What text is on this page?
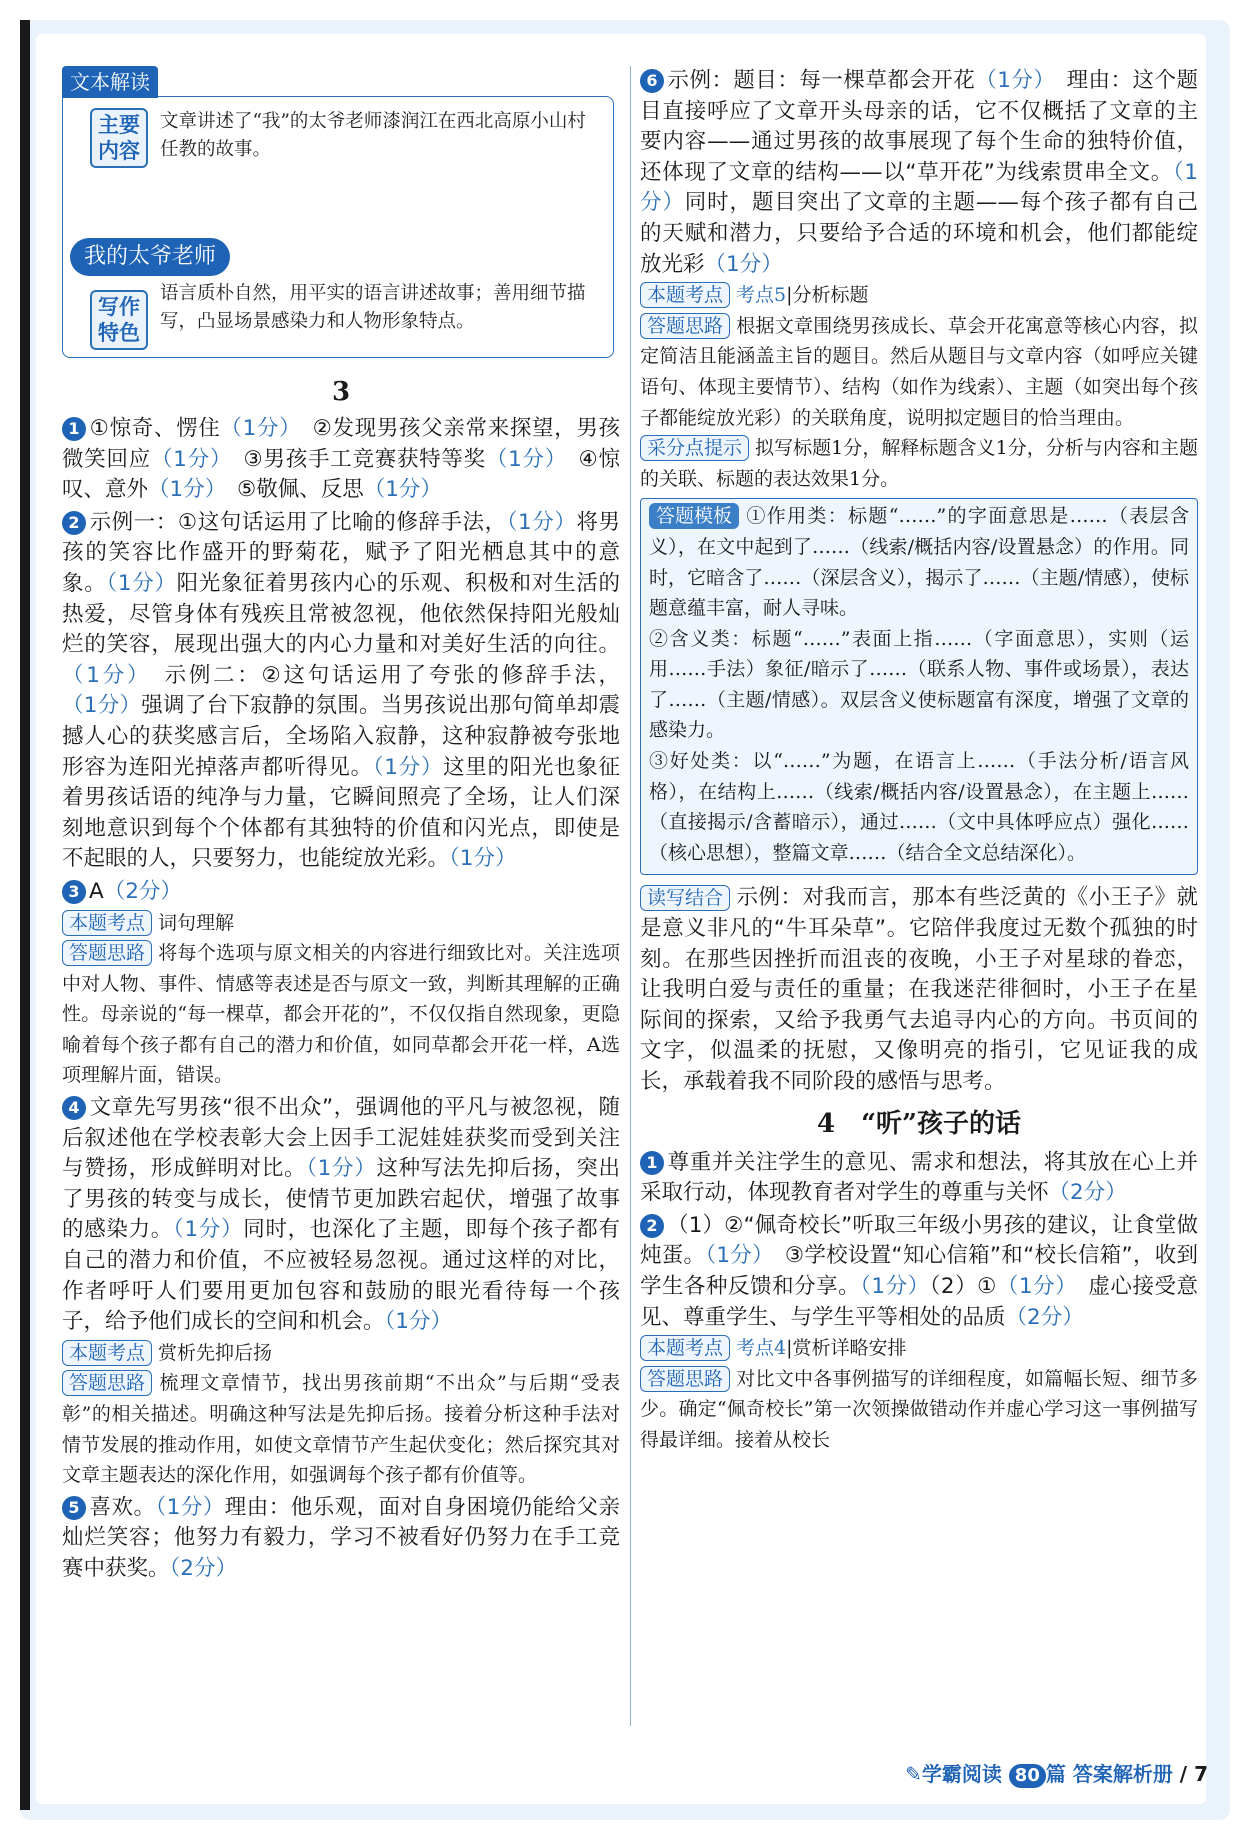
文本解读
主要内容
文章讲述了“我”的太爷老师漆润江在西北高原小山村任教的故事。
我的太爷老师
写作特色
语言质朴自然，用平实的语言讲述故事；善用细节描写，凸显场景感染力和人物形象特点。
3
1 ①惊奇、愣住（1分）　②发现男孩父亲常来探望，男孩微笑回应（1分）　③男孩手工竞赛获特等奖（1分）　④惊叹、意外（1分）　⑤敬佩、反思（1分）
2 示例一：①这句话运用了比喻的修辞手法，（1分）将男孩的笑容比作盛开的野菊花，赋予了阳光栖息其中的意象。（1分）阳光象征着男孩内心的乐观、积极和对生活的热爱，尽管身体有残疾且常被忽视，他依然保持阳光般灿烂的笑容，展现出强大的内心力量和对美好生活的向往。（1分）　示例二：②这句话运用了夸张的修辞手法，（1分）强调了台下寂静的氛围。当男孩说出那句简单却震撼人心的获奖感言后，全场陷入寂静，这种寂静被夸张地形容为连阳光掉落声都听得见。（1分）这里的阳光也象征着男孩话语的纯净与力量，它瞬间照亮了全场，让人们深刻地意识到每个个体都有其独特的价值和闪光点，即使是不起眼的人，只要努力，也能绽放光彩。（1分）
3 A（2分）
本题考点 词句理解
答题思路 将每个选项与原文相关的内容进行细致比对。关注选项中对人物、事件、情感等表述是否与原文一致，判断其理解的正确性。母亲说的“每一棵草，都会开花的”，不仅仅指自然现象，更隐喻着每个孩子都有自己的潜力和价值，如同草都会开花一样，A选项理解片面，错误。
4 文章先写男孩“很不出众”，强调他的平凡与被忽视，随后叙述他在学校表彰大会上因手工泥娃娃获奖而受到关注与赞扬，形成鲜明对比。（1分）这种写法先抑后扬，突出了男孩的转变与成长，使情节更加跌宕起伏，增强了故事的感染力。（1分）同时，也深化了主题，即每个孩子都有自己的潜力和价值，不应被轻易忽视。通过这样的对比，作者呼吁人们要用更加包容和鼓励的眼光看待每一个孩子，给予他们成长的空间和机会。（1分）
本题考点 赏析先抑后扬
答题思路 梳理文章情节，找出男孩前期“不出众”与后期“受表彰”的相关描述。明确这种写法是先抑后扬。接着分析这种手法对情节发展的推动作用，如使文章情节产生起伏变化；然后探究其对文章主题表达的深化作用，如强调每个孩子都有价值等。
5 喜欢。（1分）理由：他乐观，面对自身困境仍能给父亲灿烂笑容；他努力有毅力，学习不被看好仍努力在手工竞赛中获奖。（2分）
6 示例：题目：每一棵草都会开花（1分）　理由：这个题目直接呼应了文章开头母亲的话，它不仅概括了文章的主要内容——通过男孩的故事展现了每个生命的独特价值，还体现了文章的结构——以“草开花”为线索贯串全文。（1分）同时，题目突出了文章的主题——每个孩子都有自己的天赋和潜力，只要给予合适的环境和机会，他们都能绽放光彩（1分）
本题考点 考点5|分析标题
答题思路 根据文章围绕男孩成长、草会开花寓意等核心内容，拟定简洁且能涵盖主旨的题目。然后从题目与文章内容（如呼应关键语句、体现主要情节）、结构（如作为线索）、主题（如突出每个孩子都能绽放光彩）的关联角度，说明拟定题目的恰当理由。
采分点提示 拟写标题1分，解释标题含义1分，分析与内容和主题的关联、标题的表达效果1分。
答题模板 ①作用类：标题“……”的字面意思是……（表层含义），在文中起到了……（线索/概括内容/设置悬念）的作用。同时，它暗含了……（深层含义），揭示了……（主题/情感），使标题意蕴丰富，耐人寻味。
②含义类：标题“……”表面上指……（字面意思），实则（运用……手法）象征/暗示了……（联系人物、事件或场景），表达了……（主题/情感）。双层含义使标题富有深度，增强了文章的感染力。
③好处类：以“……”为题，在语言上……（手法分析/语言风格），在结构上……（线索/概括内容/设置悬念），在主题上……（直接揭示/含蓄暗示），通过……（文中具体呼应点）强化……（核心思想），整篇文章……（结合全文总结深化）。
读写结合 示例：对我而言，那本有些泛黄的《小王子》就是意义非凡的“牛耳朵草”。它陪伴我度过无数个孤独的时刻。在那些因挫折而沮丧的夜晚，小王子对星球的眷恋，让我明白爱与责任的重量；在我迷茫徘徊时，小王子在星际间的探索，又给予我勇气去追寻内心的方向。书页间的文字，似温柔的抚慰，又像明亮的指引，它见证我的成长，承载着我不同阶段的感悟与思考。
4　 “听”孩子的话
1 尊重并关注学生的意见、需求和想法，将其放在心上并采取行动，体现教育者对学生的尊重与关怀（2分）
2 （1）②“佩奇校长”听取三年级小男孩的建议，让食堂做炖蛋。（1分）　③学校设置“知心信箱”和“校长信箱”，收到学生各种反馈和分享。（1分）（2）①（1分）　虚心接受意见、尊重学生、与学生平等相处的品质（2分）
本题考点 考点4|赏析详略安排
答题思路 对比文中各事例描写的详细程度，如篇幅长短、细节多少。确定“佩奇校长”第一次领操做错动作并虚心学习这一事例描写得最详细。接着从校长
✎学霸阅读 80 篇 答案解析册 / 7
